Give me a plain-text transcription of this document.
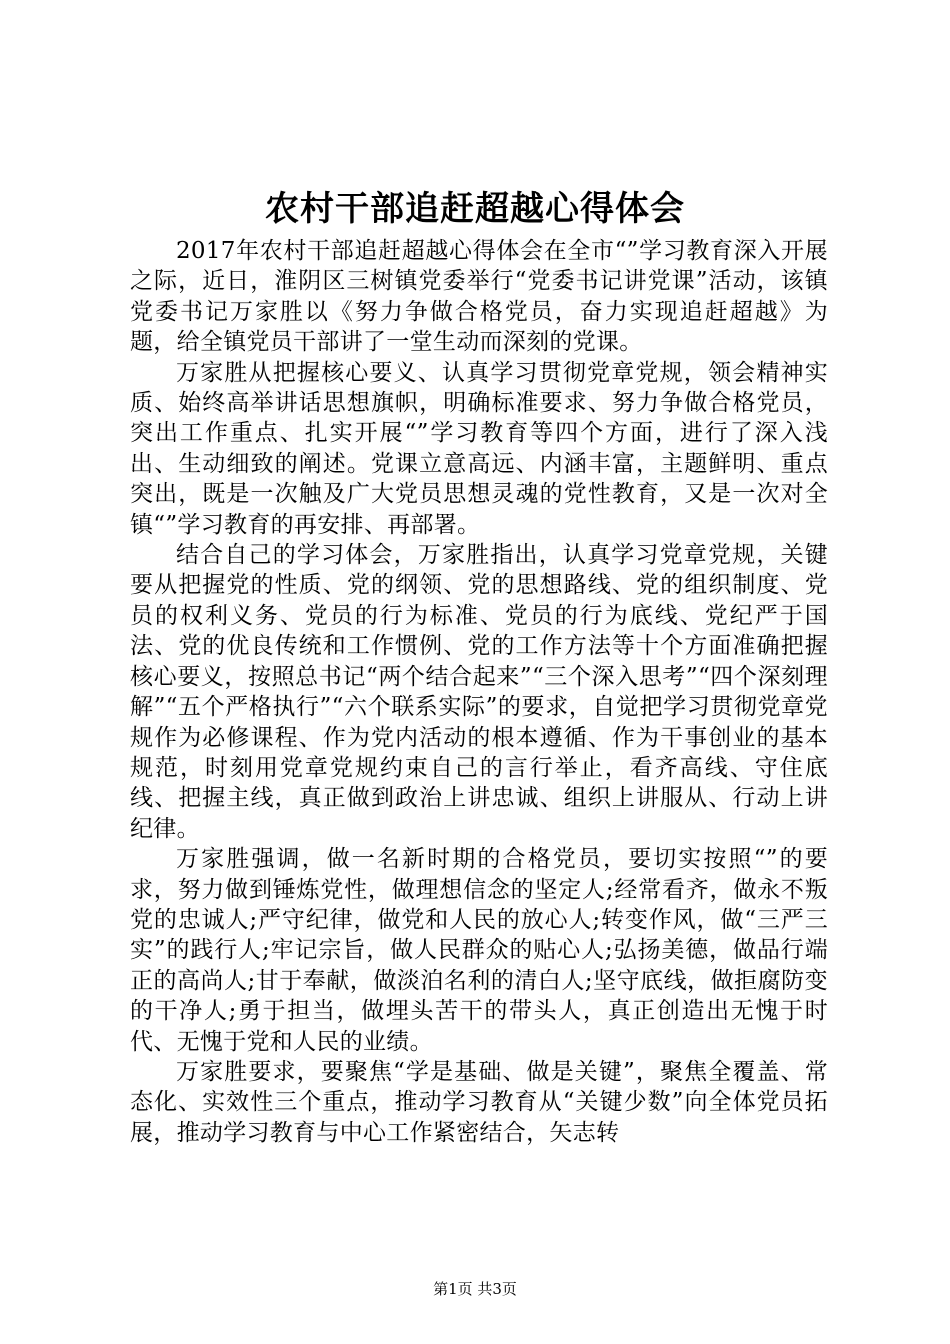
农村干部追赶超越心得体会

2017年农村干部追赶超越心得体会在全市“”学习教育深入开展之际，近日，淮阴区三树镇党委举行“党委书记讲党课”活动，该镇党委书记万家胜以《努力争做合格党员，奋力实现追赶超越》为题，给全镇党员干部讲了一堂生动而深刻的党课。

万家胜从把握核心要义、认真学习贯彻党章党规，领会精神实质、始终高举讲话思想旗帜，明确标准要求、努力争做合格党员，突出工作重点、扎实开展“”学习教育等四个方面，进行了深入浅出、生动细致的阐述。党课立意高远、内涵丰富，主题鲜明、重点突出，既是一次触及广大党员思想灵魂的党性教育，又是一次对全镇“”学习教育的再安排、再部署。

结合自己的学习体会，万家胜指出，认真学习党章党规，关键要从把握党的性质、党的纲领、党的思想路线、党的组织制度、党员的权利义务、党员的行为标准、党员的行为底线、党纪严于国法、党的优良传统和工作惯例、党的工作方法等十个方面准确把握核心要义，按照总书记“两个结合起来”“三个深入思考”“四个深刻理解”“五个严格执行”“六个联系实际”的要求，自觉把学习贯彻党章党规作为必修课程、作为党内活动的根本遵循、作为干事创业的基本规范，时刻用党章党规约束自己的言行举止，看齐高线、守住底线、把握主线，真正做到政治上讲忠诚、组织上讲服从、行动上讲纪律。

万家胜强调，做一名新时期的合格党员，要切实按照“”的要求，努力做到锤炼党性，做理想信念的坚定人;经常看齐，做永不叛党的忠诚人;严守纪律，做党和人民的放心人;转变作风，做“三严三实”的践行人;牢记宗旨，做人民群众的贴心人;弘扬美德，做品行端正的高尚人;甘于奉献，做淡泊名利的清白人;坚守底线，做拒腐防变的干净人;勇于担当，做埋头苦干的带头人，真正创造出无愧于时代、无愧于党和人民的业绩。

万家胜要求，要聚焦“学是基础、做是关键”，聚焦全覆盖、常态化、实效性三个重点，推动学习教育从“关键少数”向全体党员拓展，推动学习教育与中心工作紧密结合，矢志转

第1页 共3页
